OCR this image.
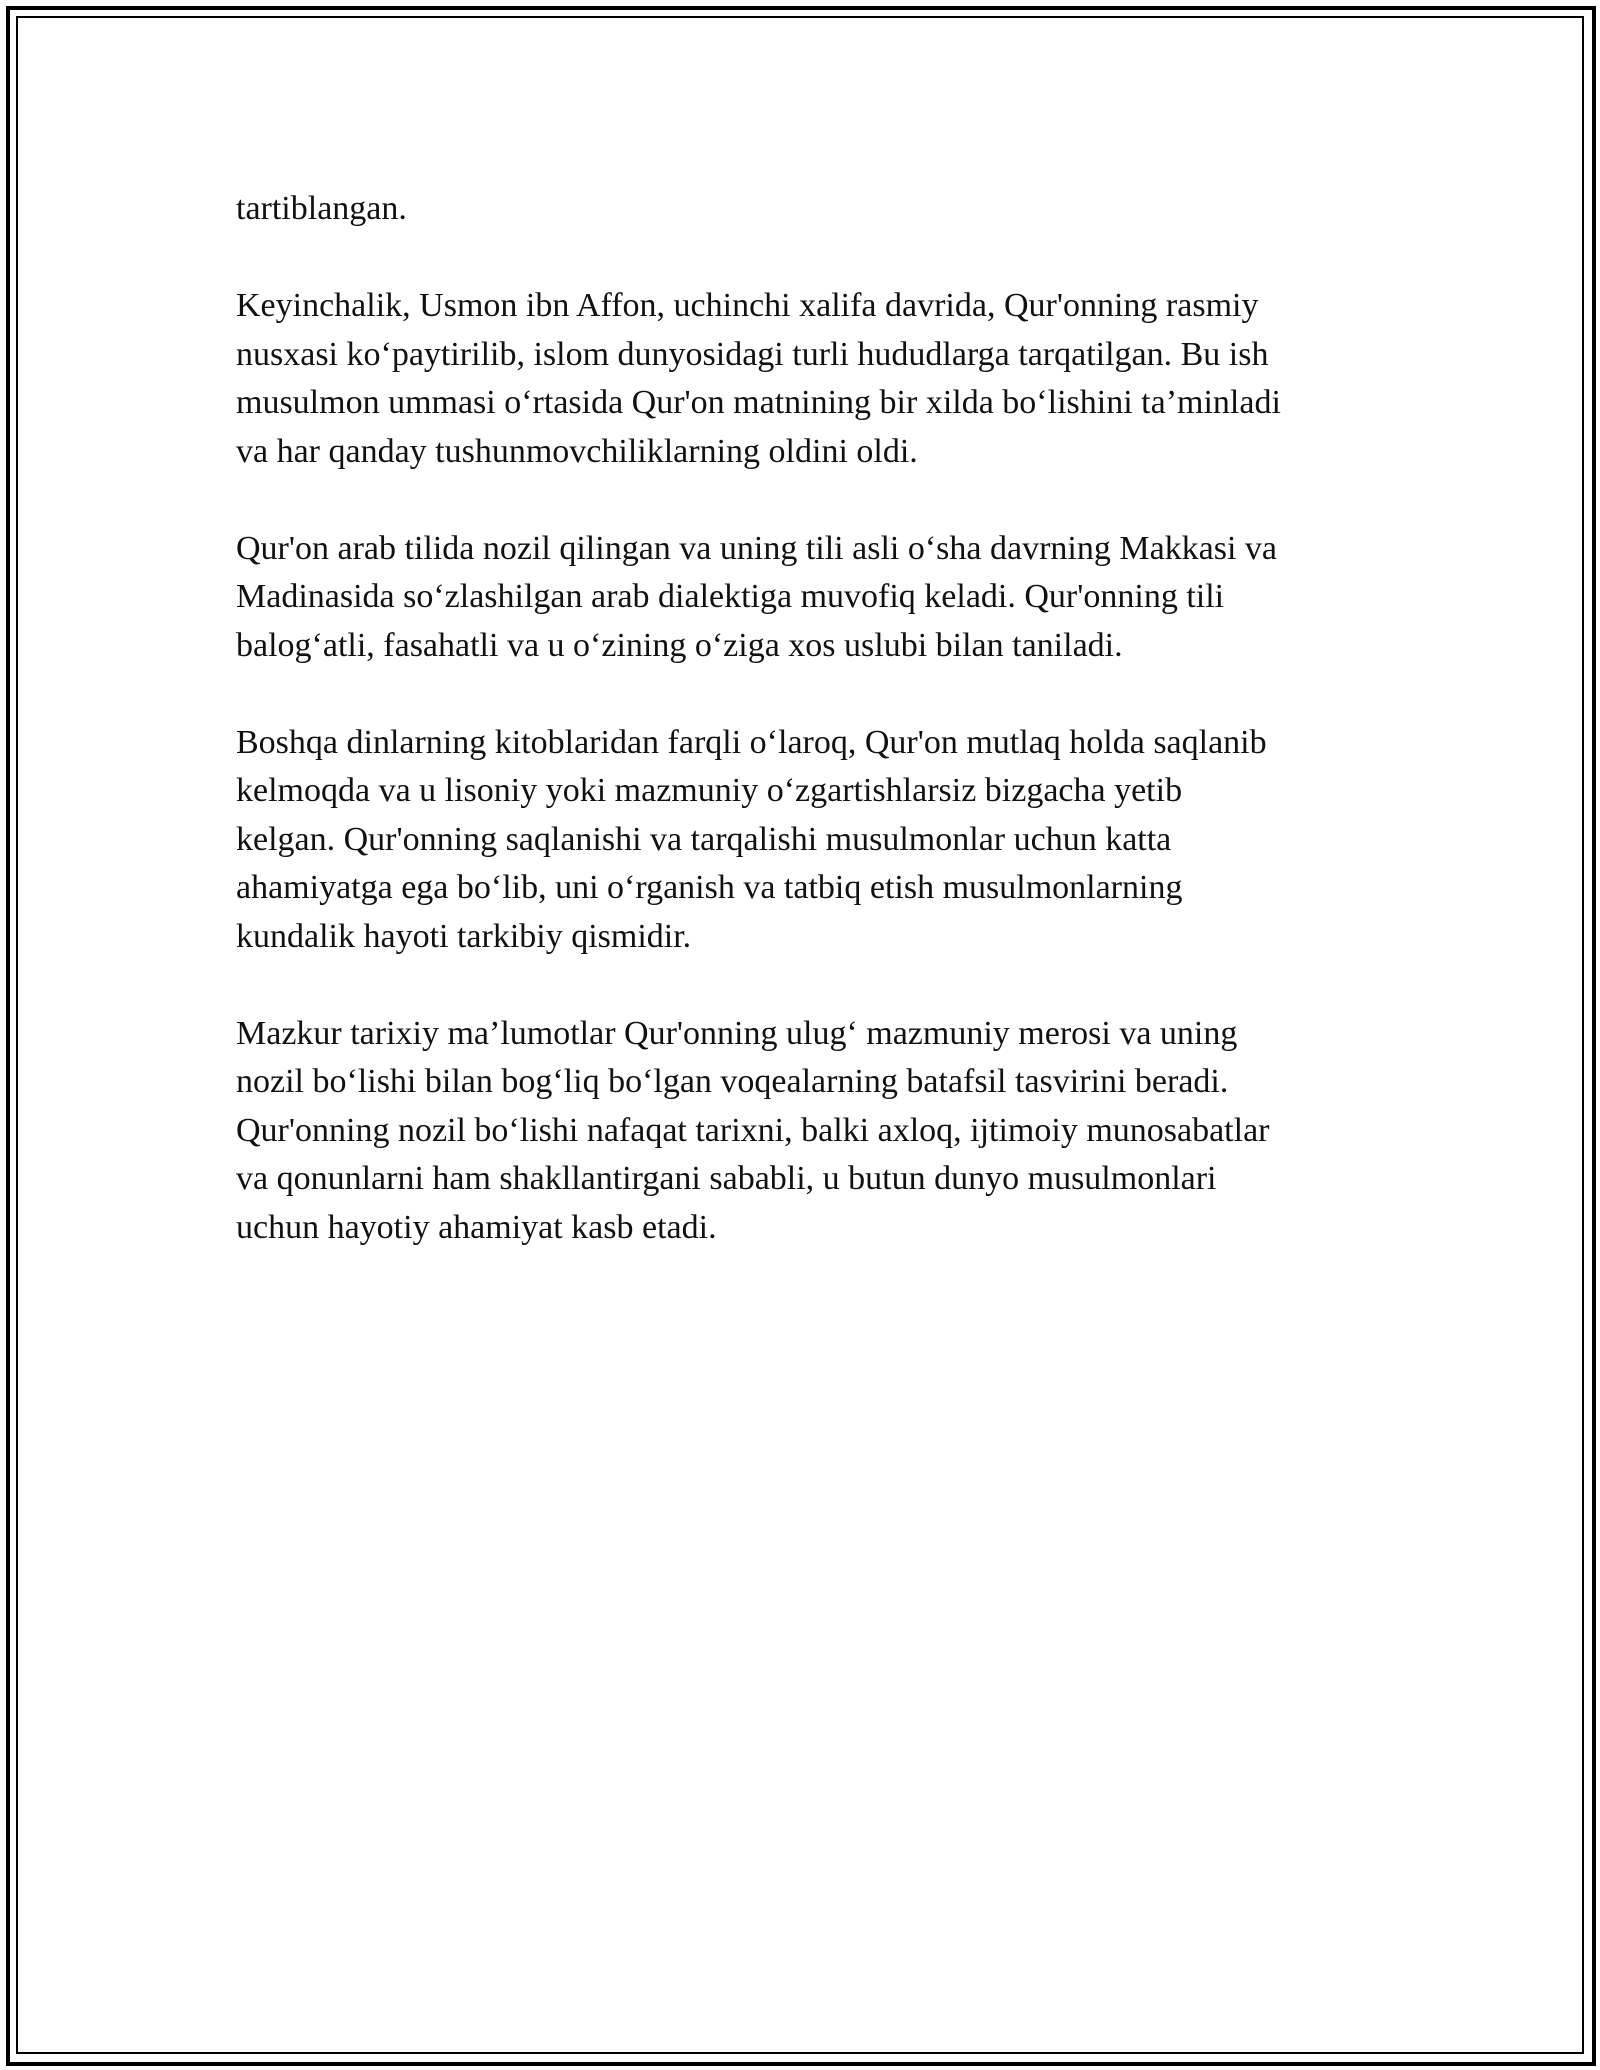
tartiblangan.

Keyinchalik, Usmon ibn Affon, uchinchi xalifa davrida, Qur'onning rasmiy
nusxasi ko‘paytirilib, islom dunyosidagi turli hududlarga tarqatilgan. Bu ish
musulmon ummasi o‘rtasida Qur'on matnining bir xilda bo‘lishini ta’minladi
va har qanday tushunmovchiliklarning oldini oldi.

Qur'on arab tilida nozil qilingan va uning tili asli o‘sha davrning Makkasi va
Madinasida so‘zlashilgan arab dialektiga muvofiq keladi. Qur'onning tili
balog‘atli, fasahatli va u o‘zining o‘ziga xos uslubi bilan taniladi.

Boshqa dinlarning kitoblaridan farqli o‘laroq, Qur'on mutlaq holda saqlanib
kelmoqda va u lisoniy yoki mazmuniy o‘zgartishlarsiz bizgacha yetib
kelgan. Qur'onning saqlanishi va tarqalishi musulmonlar uchun katta
ahamiyatga ega bo‘lib, uni o‘rganish va tatbiq etish musulmonlarning
kundalik hayoti tarkibiy qismidir.

Mazkur tarixiy ma’lumotlar Qur'onning ulug‘ mazmuniy merosi va uning
nozil bo‘lishi bilan bog‘liq bo‘lgan voqealarning batafsil tasvirini beradi.
Qur'onning nozil bo‘lishi nafaqat tarixni, balki axloq, ijtimoiy munosabatlar
va qonunlarni ham shakllantirgani sababli, u butun dunyo musulmonlari
uchun hayotiy ahamiyat kasb etadi.
